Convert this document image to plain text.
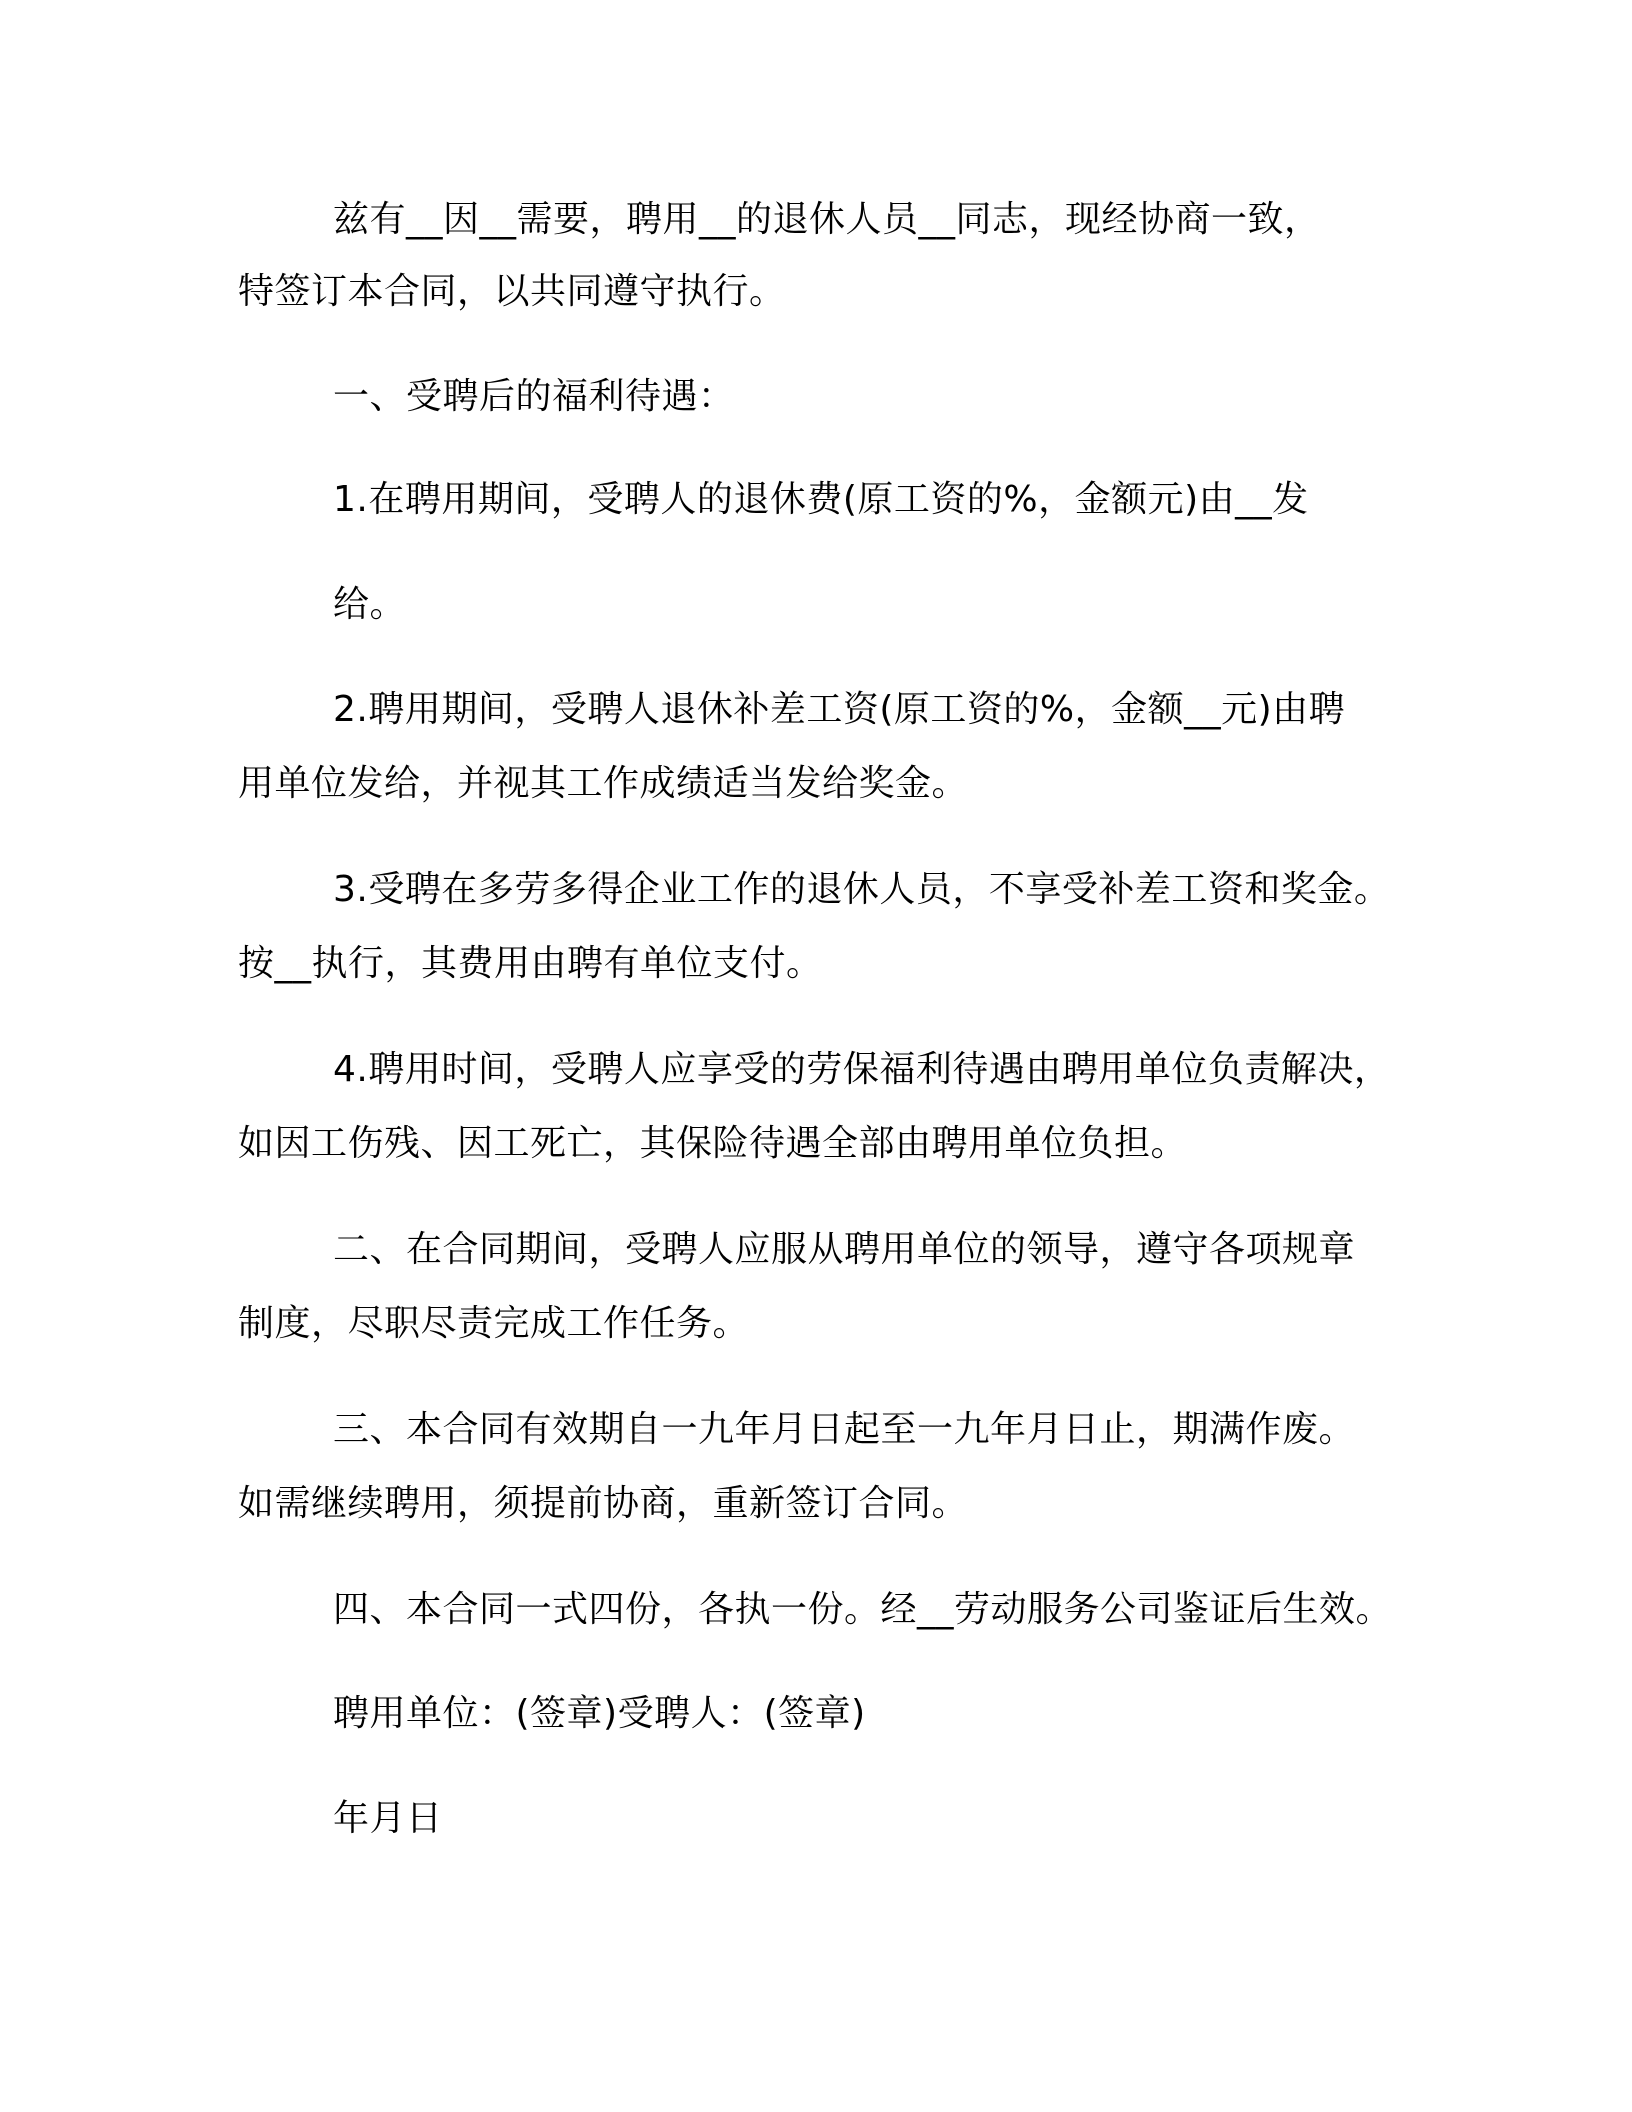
兹有__因__需要，聘用__的退休人员__同志，现经协商一致，
特签订本合同，以共同遵守执行。
一、受聘后的福利待遇：
1.在聘用期间，受聘人的退休费(原工资的%，金额元)由__发
给。
2.聘用期间，受聘人退休补差工资(原工资的%，金额__元)由聘
用单位发给，并视其工作成绩适当发给奖金。
3.受聘在多劳多得企业工作的退休人员，不享受补差工资和奖金。
按__执行，其费用由聘有单位支付。
4.聘用时间，受聘人应享受的劳保福利待遇由聘用单位负责解决，
如因工伤残、因工死亡，其保险待遇全部由聘用单位负担。
二、在合同期间，受聘人应服从聘用单位的领导，遵守各项规章
制度，尽职尽责完成工作任务。
三、本合同有效期自一九年月日起至一九年月日止，期满作废。
如需继续聘用，须提前协商，重新签订合同。
四、本合同一式四份，各执一份。经__劳动服务公司鉴证后生效。
聘用单位：(签章)受聘人：(签章)
年月日
